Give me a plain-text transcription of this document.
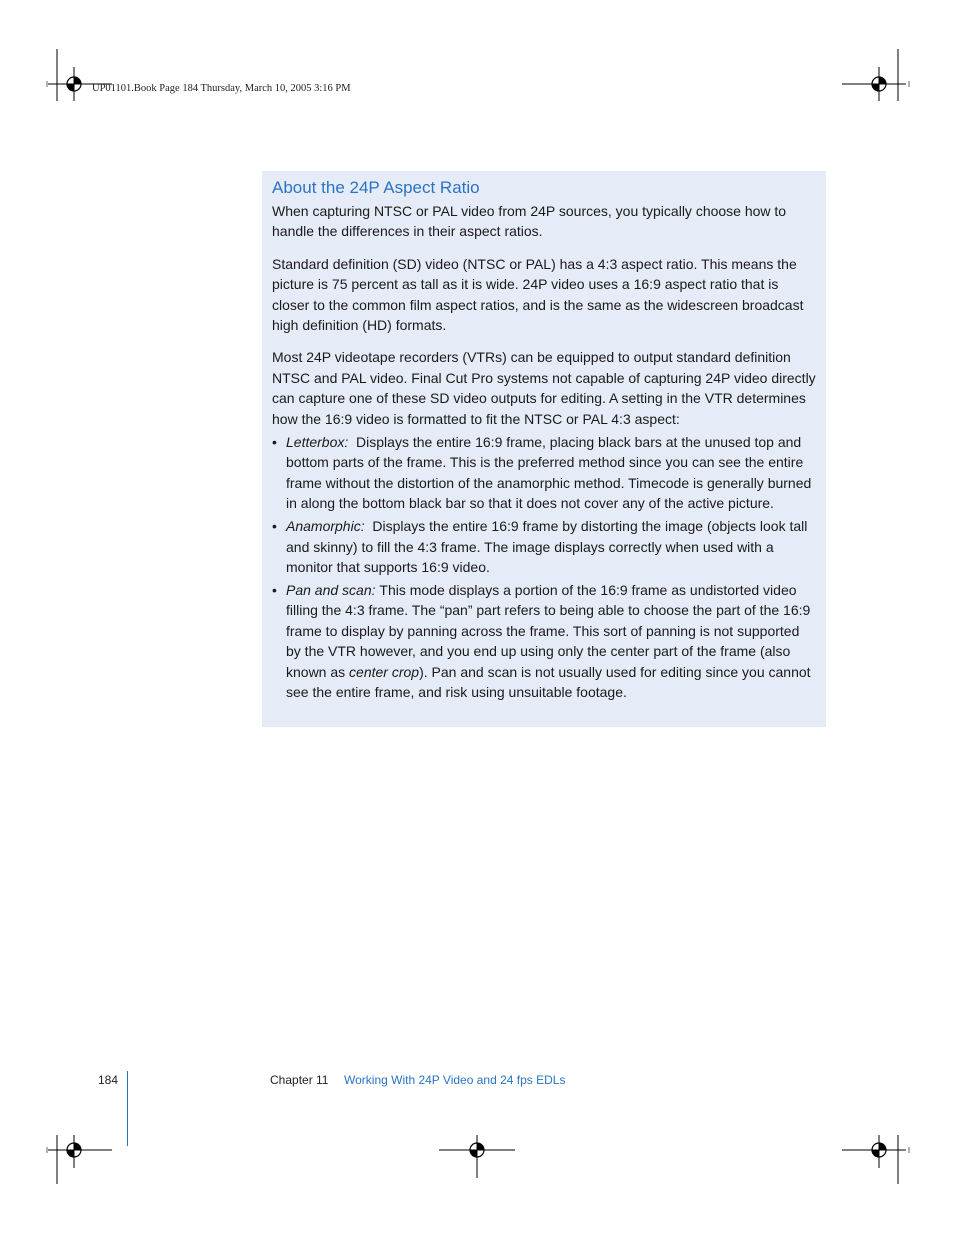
UP01101.Book Page 184 Thursday, March 10, 2005 3:16 PM
About the 24P Aspect Ratio

When capturing NTSC or PAL video from 24P sources, you typically choose how to handle the differences in their aspect ratios.

Standard definition (SD) video (NTSC or PAL) has a 4:3 aspect ratio. This means the picture is 75 percent as tall as it is wide. 24P video uses a 16:9 aspect ratio that is closer to the common film aspect ratios, and is the same as the widescreen broadcast high definition (HD) formats.

Most 24P videotape recorders (VTRs) can be equipped to output standard definition NTSC and PAL video. Final Cut Pro systems not capable of capturing 24P video directly can capture one of these SD video outputs for editing. A setting in the VTR determines how the 16:9 video is formatted to fit the NTSC or PAL 4:3 aspect:

• Letterbox: Displays the entire 16:9 frame, placing black bars at the unused top and bottom parts of the frame. This is the preferred method since you can see the entire frame without the distortion of the anamorphic method. Timecode is generally burned in along the bottom black bar so that it does not cover any of the active picture.
• Anamorphic: Displays the entire 16:9 frame by distorting the image (objects look tall and skinny) to fill the 4:3 frame. The image displays correctly when used with a monitor that supports 16:9 video.
• Pan and scan: This mode displays a portion of the 16:9 frame as undistorted video filling the 4:3 frame. The “pan” part refers to being able to choose the part of the 16:9 frame to display by panning across the frame. This sort of panning is not supported by the VTR however, and you end up using only the center part of the frame (also known as center crop). Pan and scan is not usually used for editing since you cannot see the entire frame, and risk using unsuitable footage.
184	Chapter 11 Working With 24P Video and 24 fps EDLs
